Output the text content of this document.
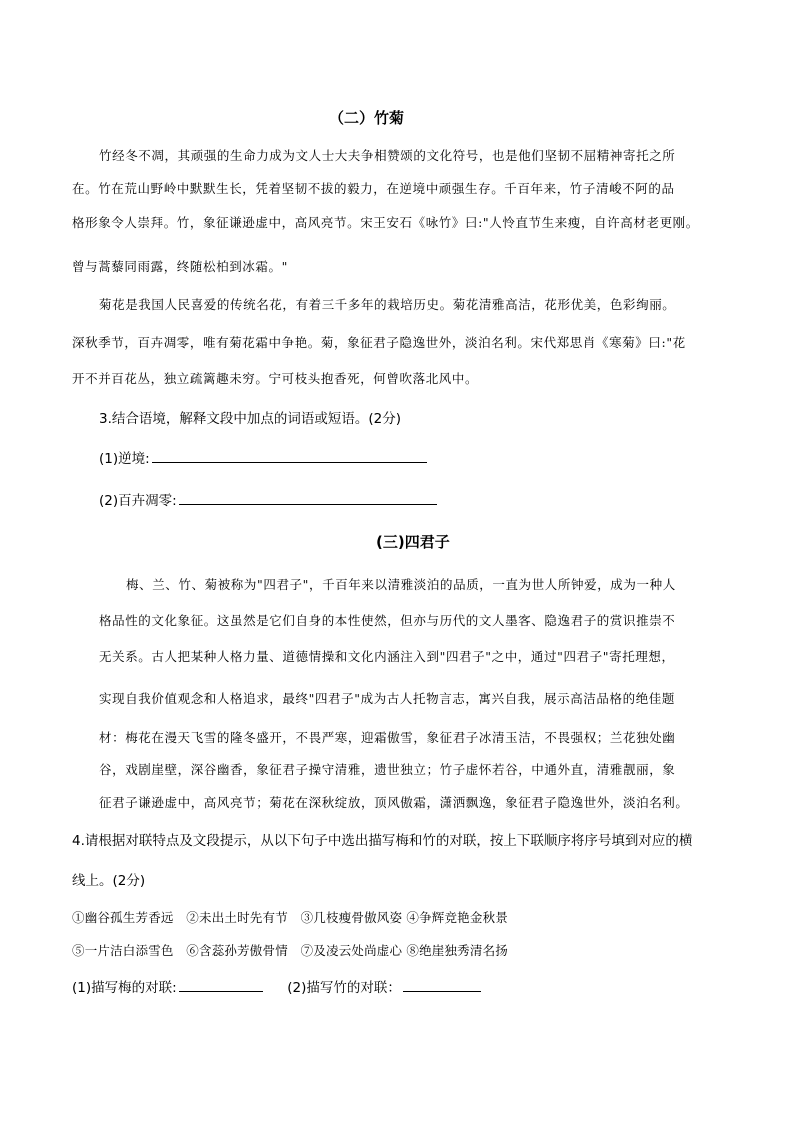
（二）竹菊
竹经冬不凋，其顽强的生命力成为文人士大夫争相赞颂的文化符号，也是他们坚韧不屈精神寄托之所
在。竹在荒山野岭中默默生长，凭着坚韧不拔的毅力，在逆境中顽强生存。千百年来，竹子清峻不阿的品
格形象令人崇拜。竹，象征谦逊虚中，高风亮节。宋王安石《咏竹》曰:"人怜直节生来瘦，自许高材老更刚。
曾与蒿藜同雨露，终随松柏到冰霜。"
菊花是我国人民喜爱的传统名花，有着三千多年的栽培历史。菊花清雅高洁，花形优美，色彩绚丽。
深秋季节，百卉凋零，唯有菊花霜中争艳。菊，象征君子隐逸世外，淡泊名利。宋代郑思肖《寒菊》曰:"花
开不并百花丛，独立疏篱趣未穷。宁可枝头抱香死，何曾吹落北风中。
3.结合语境，解释文段中加点的词语或短语。(2分)
(1)逆境:
(2)百卉凋零:
(三)四君子
梅、兰、竹、菊被称为"四君子"，千百年来以清雅淡泊的品质，一直为世人所钟爱，成为一种人
格品性的文化象征。这虽然是它们自身的本性使然，但亦与历代的文人墨客、隐逸君子的赏识推崇不
无关系。古人把某种人格力量、道德情操和文化内涵注入到"四君子"之中，通过"四君子"寄托理想，
实现自我价值观念和人格追求，最终"四君子"成为古人托物言志，寓兴自我，展示高洁品格的绝佳题
材：梅花在漫天飞雪的隆冬盛开，不畏严寒，迎霜傲雪，象征君子冰清玉洁，不畏强权；兰花独处幽
谷，戏剧崖壁，深谷幽香，象征君子操守清雅，遗世独立；竹子虚怀若谷，中通外直，清雅靓丽，象
征君子谦逊虚中，高风亮节；菊花在深秋绽放，顶风傲霜，潇洒飘逸，象征君子隐逸世外，淡泊名利。
4.请根据对联特点及文段提示，从以下句子中选出描写梅和竹的对联，按上下联顺序将序号填到对应的横
线上。(2分)
①幽谷孤生芳香远　②未出土时先有节　③几枝瘦骨傲风姿 ④争辉竞艳金秋景
⑤一片洁白添雪色　⑥含蕊孙芳傲骨情　⑦及凌云处尚虚心 ⑧绝崖独秀清名扬
(1)描写梅的对联:	(2)描写竹的对联：
